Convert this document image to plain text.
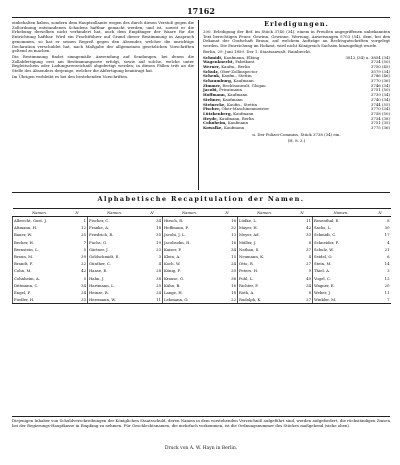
17162

einbehalten haben, sondern dem Hauptzollamte wegen des durch diesen Verstoß gegen die Zollordnung entstandenen Schadens haftbar gemacht werden, und ist, soweit er die Erhebung derselben nicht verhindert hat, auch dem Empfänger der Waare für die Entrichtung haftbar. Wird ein Frachtführer auf Grund dieser Bestimmung in Anspruch genommen, so hat er seinen Regreß gegen den Absender, welcher die unrichtige Declaration verschuldet hat, nach Maßgabe der allgemeinen gesetzlichen Vorschriften geltend zu machen.

Die Bestimmung findet sinngemäße Anwendung auf Sendungen, bei denen die Zollabfertigung erst am Bestimmungsorte erfolgt, sowie auf solche, welche unter Begleitschein oder Ladungsverzeichniß abgefertigt werden; in diesen Fällen tritt an die Stelle des Absenders derjenige, welcher die Abfertigung beantragt hat.

Im Übrigen verbleibt es bei den bestehenden Vorschriften.

Erledigungen.

200. Erledigung der Bef. im Stück 3740 (34), einem in Preußen angegriffenen unbekannten Text berechtigen Feuer. Gewinn, Gewinne, Wertung, Anweisungen 5703 (54), dem, bei den Dekanat der Grafschaft Braun, auf welchem Aufträge an Rechtsgutschriften vorgelegt werden. Die Einreichung im Hofamt, wird nicht Königreich Sachsen hinzugefügt wurde.

Berlin, 29. Juni 1859. Der 1. Staatsanwalt. Rainbrecht.

Schmidt, Kaufmann, Elbing	3812 (34) u. 3854 (34)
Wagenknecht, Fabrikant	3734 (50)
Werner, Kaufm., Berlin	3750 (45)
Schulz, Ober-Zollinspector	3579 (34)
Schenk, Kaufm., Stettin	3786 (46)
Schaumburg, Kaufmann	3770 (36)
Zimmer, Rechtsanwalt, Glogau	3746 (34)
Jacobi, Privatmann	3751 (50)
Hoffmann, Kaufmann	3739 (34)
Stebner, Kaufmann	3740 (34)
Steinecke, Kaufm., Stettin	3744 (55)
Fischer, Ober-Maschinenmeister	3770 (34)
Lützkenberg, Kaufmann	3758 (50)
Heyde, Kaufmann, Berlin	3734 (38)
Cohnheim, Kaufmann	3751 (35)
Kowalke, Kaufmann	3775 (36)
n. Der Polizei-Commiss. Stück 3738 (34) ein.
(H. 8. 3.)
Alphabetische Recapitulation der Namen.
Namen.	N	Namen.	N	Namen.	N	Namen.	N	Namen.	N
Albrecht, Gust. J.	1	Fischer, C.	34	Hirsch, R.	16	Lüdke, L.	11	Rosenthal, E.	8
Altmann, H.	12	Franke, A.	18	Hoffmann, F.	32	Mayer, H.	42	Sachs, L.	30
Bauer, W.	25	Friedrich, R.	35	Jacobi, J. L.	13	Meyer, Ad.	33	Schmidt, C.	17
Becker, H.	7	Fuchs, G.	19	Jacobsohn, H.	16	Müller, J.	8	Schneider, F.	4
Bernstein, L.	5	Gärtner, J.	23	Kaiser, P.	34	Nathan, S.	37	Schulz, W.	21
Braun, M.	39	Goldschmidt, E.	3	Klein, A.	15	Neumann, K.	4	Seidel, O.	6
Brandt, F.	22	Günther, C.	4	Koch, W.	24	Otto, R.	27	Stein, M.	14
Cohn, M.	42	Haase, E.	28	König, F.	20	Peters, H.	9	Thiel, A.	3
Cohnheim, A.	5	Hahn, J.	38	Krause, G.	36	Pohl, L.	40	Vogel, C.	12
Dittmann, C.	34	Hartmann, L.	20	Kühn, B.	16	Richter, P.	34	Wagner, E.	20
Engel, F.	24	Heinze, R.	24	Lange, H.	18	Roth, A.	8	Weber, J.	11
Fiedler, H.	33	Herrmann, W.	11	Lehmann, O.	22	Rudolph, K.	27	Winkler, M.	7
Diejenigen Inhaber von Schuldverschreibungen der Königlichen Staatsschuld, deren Namen in dem vorstehenden Verzeichniß aufgeführt sind, werden aufgefordert, die rückständigen Zinsen bei der Regierungs-Hauptkasse in Empfang zu nehmen. Für Geschlechtsnamen, die mehrfach vorkommen, ist die Ordnungsnummer des Stückes maßgebend (siehe oben).
Druck von A. W. Hayn in Berlin.
